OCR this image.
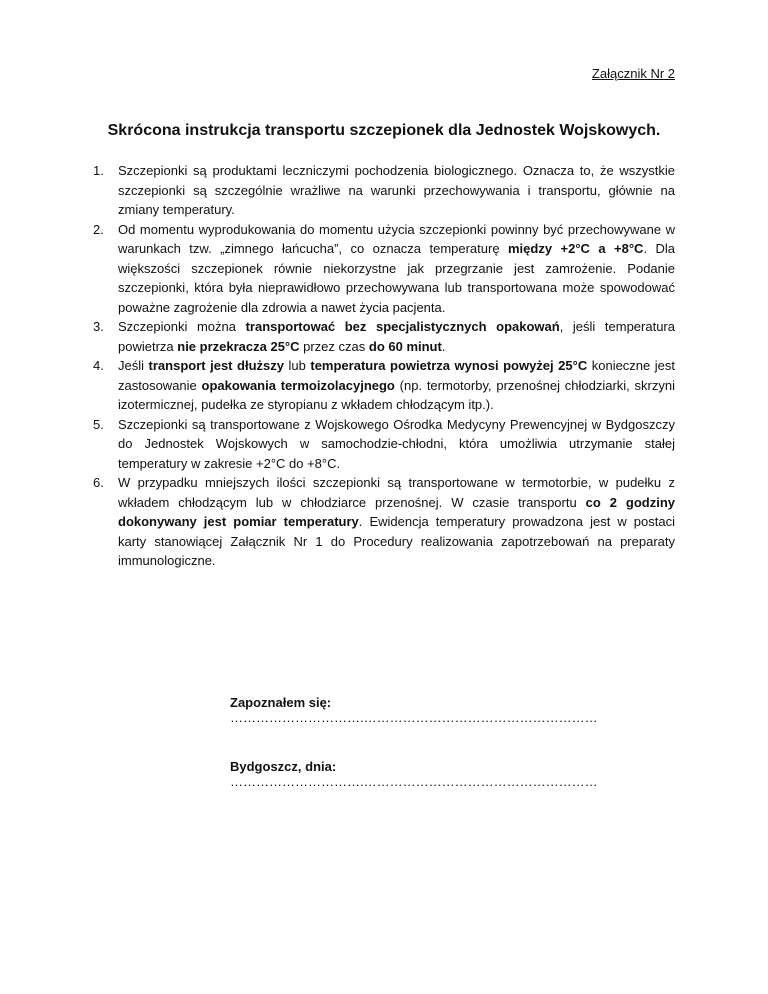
Załącznik Nr 2
Skrócona instrukcja transportu szczepionek dla Jednostek Wojskowych.
1. Szczepionki są produktami leczniczymi pochodzenia biologicznego. Oznacza to, że wszystkie szczepionki są szczególnie wrażliwe na warunki przechowywania i transportu, głównie na zmiany temperatury.
2. Od momentu wyprodukowania do momentu użycia szczepionki powinny być przechowywane w warunkach tzw. „zimnego łańcucha”, co oznacza temperaturę między +2°C a +8°C. Dla większości szczepionek równie niekorzystne jak przegrzanie jest zamrożenie. Podanie szczepionki, która była nieprawidłowo przechowywana lub transportowana może spowodować poważne zagrożenie dla zdrowia a nawet życia pacjenta.
3. Szczepionki można transportować bez specjalistycznych opakowań, jeśli temperatura powietrza nie przekracza 25°C przez czas do 60 minut.
4. Jeśli transport jest dłuższy lub temperatura powietrza wynosi powyżej 25°C konieczne jest zastosowanie opakowania termoizolacyjnego (np. termotorby, przenośnej chłodziarki, skrzyni izotermicznej, pudełka ze styropianu z wkładem chłodzącym itp.).
5. Szczepionki są transportowane z Wojskowego Ośrodka Medycyny Prewencyjnej w Bydgoszczy do Jednostek Wojskowych w samochodzie-chłodni, która umożliwia utrzymanie stałej temperatury w zakresie +2°C do +8°C.
6. W przypadku mniejszych ilości szczepionki są transportowane w termotorbie, w pudełku z wkładem chłodzącym lub w chłodziarce przenośnej. W czasie transportu co 2 godziny dokonywany jest pomiar temperatury. Ewidencja temperatury prowadzona jest w postaci karty stanowiącej Załącznik Nr 1 do Procedury realizowania zapotrzebowań na preparaty immunologiczne.
Zapoznałem się: ………………………….………………………………………………
Bydgoszcz, dnia: ………………………….………………………………………………
